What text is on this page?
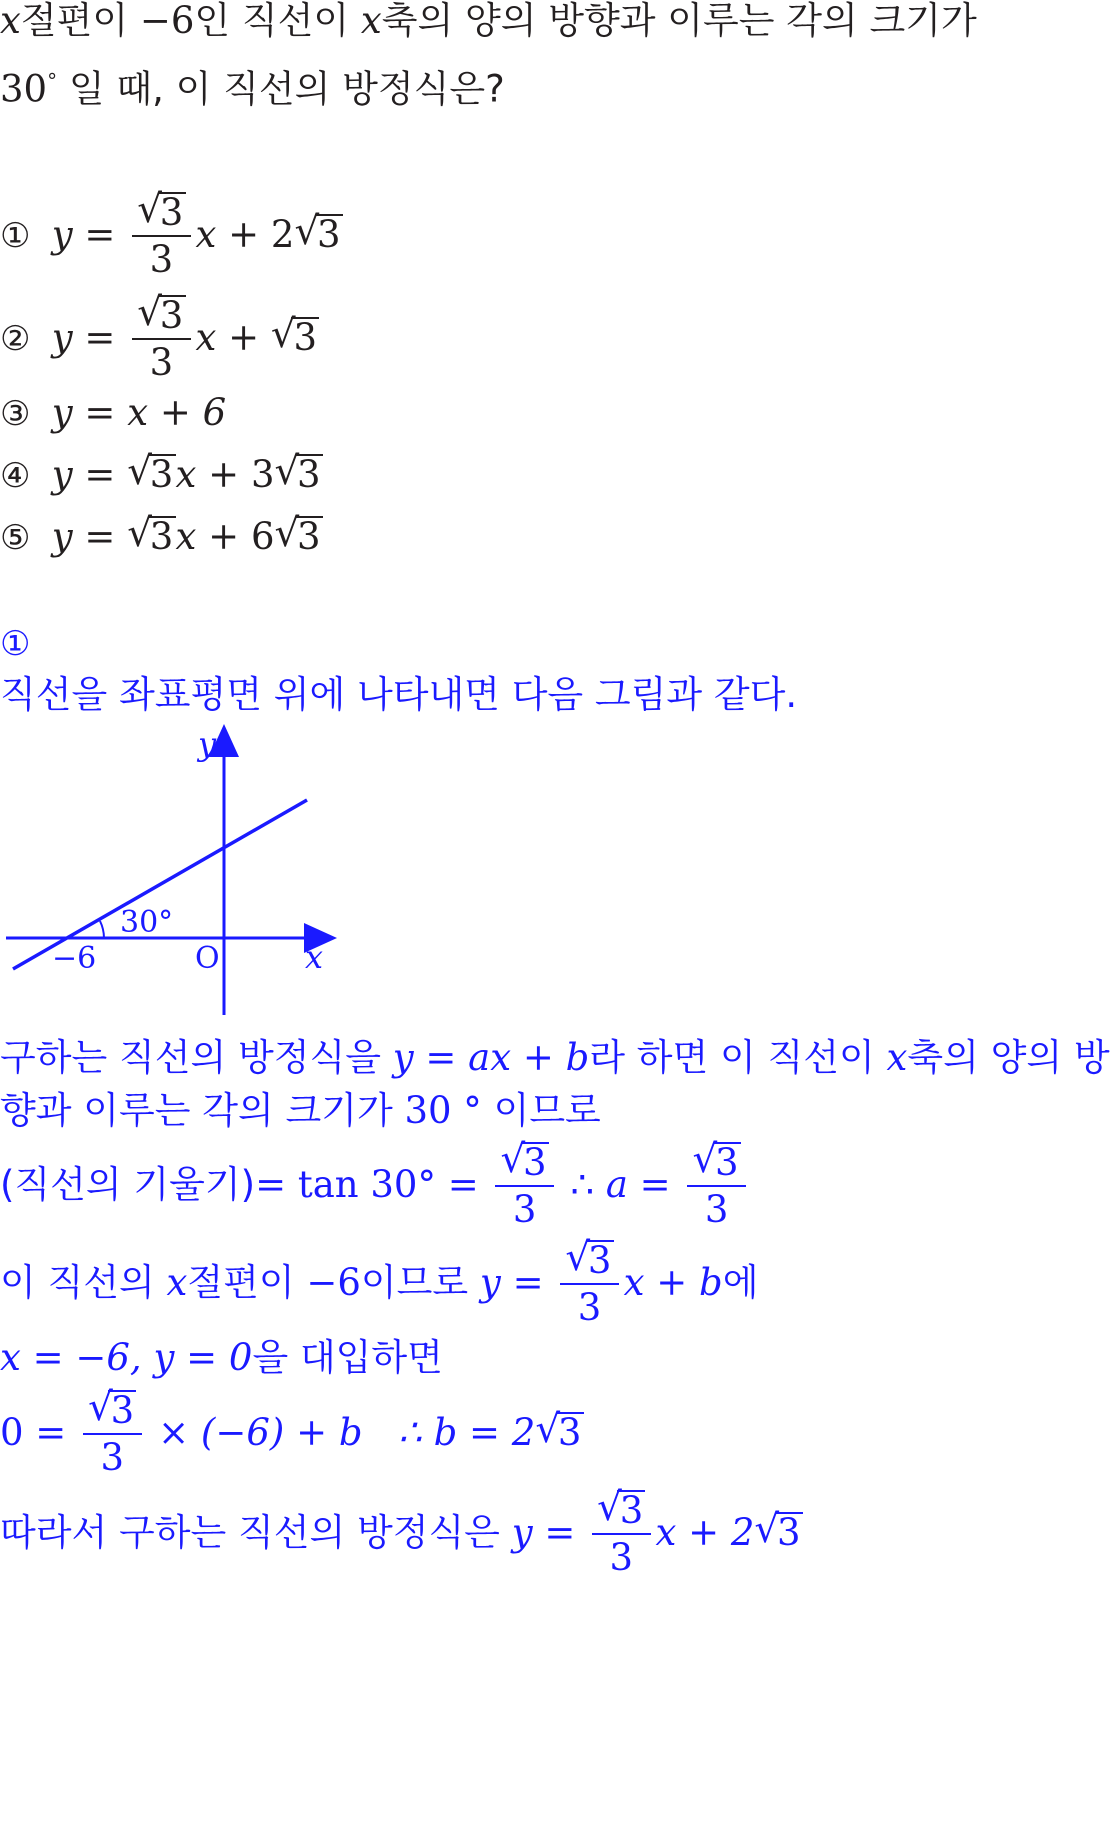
x절편이 −6인 직선이 x축의 양의 방향과 이루는 각의 크기가
30° 일 때, 이 직선의 방정식은?
① y = √
3
3 x + 2 √
3
② y = √
3
3 x + √
3
③ y = x + 6
④ y = √
3x + 3 √
3
⑤ y = √
3x + 6 √
3
①
직선을 좌표평면 위에 나타내면 다음 그림과 같다.
y
x
O
−6
30°
구하는 직선의 방정식을 y = ax + b라 하면 이 직선이 x축의 양의 방
향과 이루는 각의 크기가 30 ° 이므로
(직선의 기울기)= tan 30° = √
3
3 ∴ a = √
3
3
이 직선의 x절편이 −6이므로 y = √
3
3 x + b에
x = −6, y = 0을 대입하면
0 = √
3
3 × (−6) + b ∴ b = 2 √
3
따라서 구하는 직선의 방정식은 y = √
3
3 x + 2 √
3
